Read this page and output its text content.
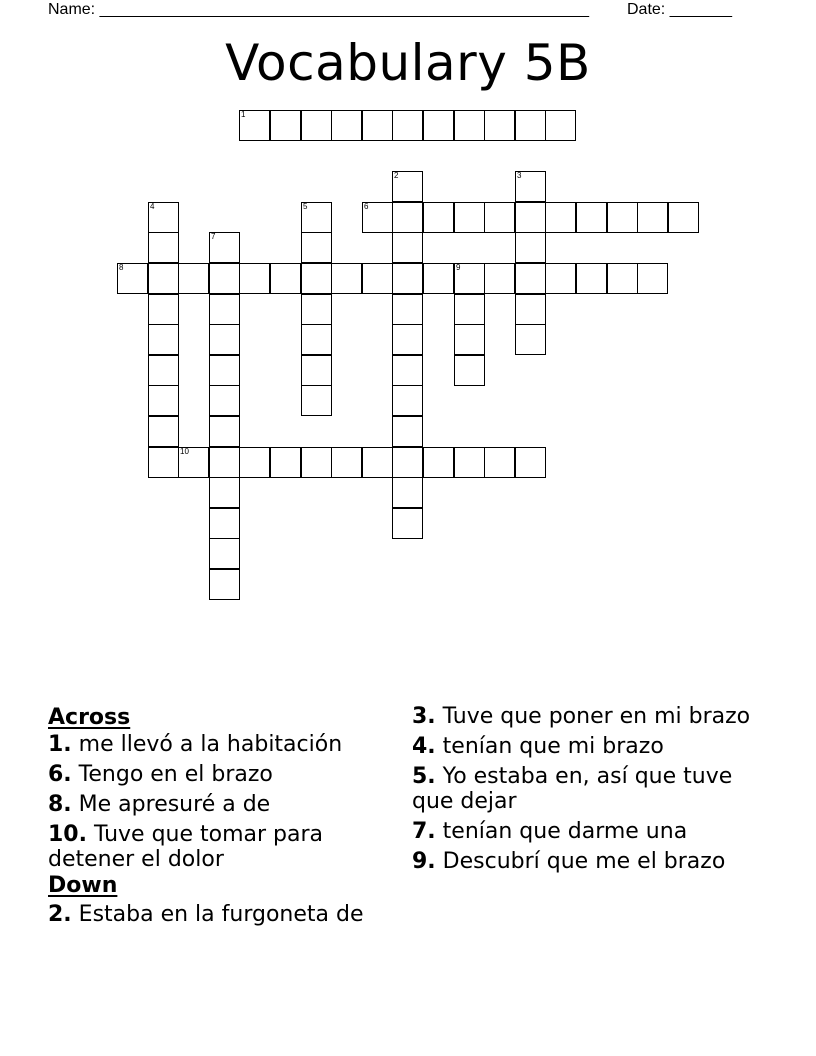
Name: _______________________________________________________ Date: _______
Vocabulary 5B
1
6
8	9
10
2	3
4	5
7
Across
1. me llevó a la habitación
6. Tengo en el brazo
8. Me apresuré a de
10. Tuve que tomar para detener el dolor
Down
2. Estaba en la furgoneta de
3. Tuve que poner en mi brazo
4. tenían que mi brazo
5. Yo estaba en, así que tuve que dejar
7. tenían que darme una
9. Descubrí que me el brazo
